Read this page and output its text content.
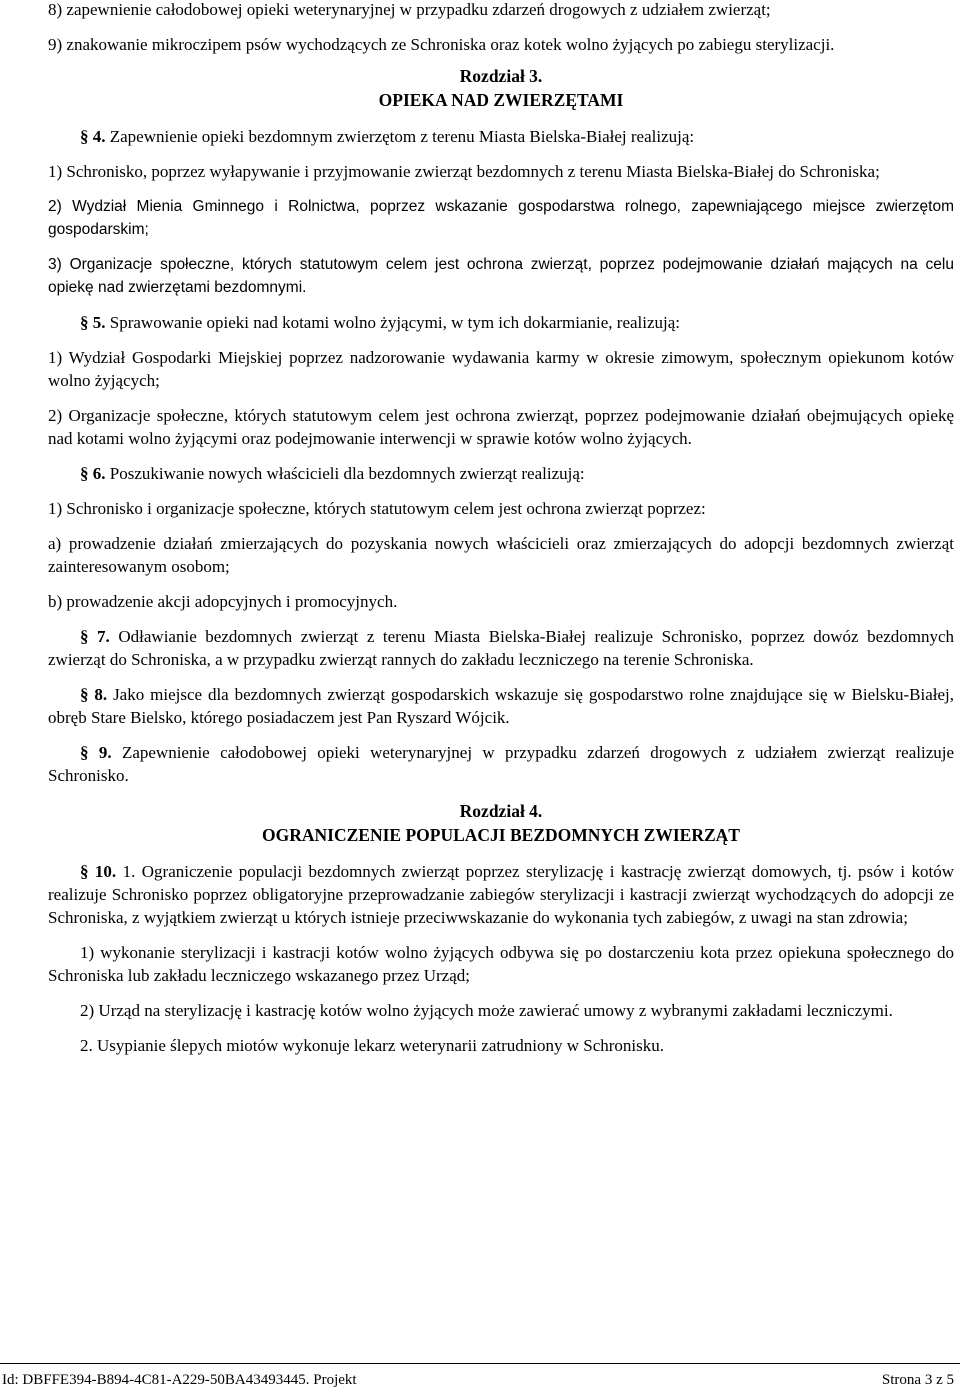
8) zapewnienie całodobowej opieki weterynaryjnej w przypadku zdarzeń drogowych z udziałem zwierząt;

9) znakowanie mikroczipem psów wychodzących ze Schroniska oraz kotek wolno żyjących po zabiegu sterylizacji.

Rozdział 3.

OPIEKA NAD ZWIERZĘTAMI

§ 4. Zapewnienie opieki bezdomnym zwierzętom z terenu Miasta Bielska-Białej realizują:

1) Schronisko, poprzez wyłapywanie i przyjmowanie zwierząt bezdomnych z terenu Miasta Bielska-Białej do Schroniska;

2) Wydział Mienia Gminnego i Rolnictwa, poprzez wskazanie gospodarstwa rolnego, zapewniającego miejsce zwierzętom gospodarskim;

3) Organizacje społeczne, których statutowym celem jest ochrona zwierząt, poprzez podejmowanie działań mających na celu opiekę nad zwierzętami bezdomnymi.

§ 5. Sprawowanie opieki nad kotami wolno żyjącymi, w tym ich dokarmianie, realizują:

1) Wydział Gospodarki Miejskiej poprzez nadzorowanie wydawania karmy w okresie zimowym, społecznym opiekunom kotów wolno żyjących;

2) Organizacje społeczne, których statutowym celem jest ochrona zwierząt, poprzez podejmowanie działań obejmujących opiekę nad kotami wolno żyjącymi oraz podejmowanie interwencji w sprawie kotów wolno żyjących.

§ 6. Poszukiwanie nowych właścicieli dla bezdomnych zwierząt realizują:

1) Schronisko i organizacje społeczne, których statutowym celem jest ochrona zwierząt poprzez:

a) prowadzenie działań zmierzających do pozyskania nowych właścicieli oraz zmierzających do adopcji bezdomnych zwierząt zainteresowanym osobom;

b) prowadzenie akcji adopcyjnych i promocyjnych.

§ 7. Odławianie bezdomnych zwierząt z terenu Miasta Bielska-Białej realizuje Schronisko, poprzez dowóz bezdomnych zwierząt do Schroniska, a w przypadku zwierząt rannych do zakładu leczniczego na terenie Schroniska.

§ 8. Jako miejsce dla bezdomnych zwierząt gospodarskich wskazuje się gospodarstwo rolne znajdujące się w Bielsku-Białej, obręb Stare Bielsko, którego posiadaczem jest Pan Ryszard Wójcik.

§ 9. Zapewnienie całodobowej opieki weterynaryjnej w przypadku zdarzeń drogowych z udziałem zwierząt realizuje Schronisko.

Rozdział 4.

OGRANICZENIE POPULACJI BEZDOMNYCH ZWIERZĄT

§ 10. 1. Ograniczenie populacji bezdomnych zwierząt poprzez sterylizację i kastrację zwierząt domowych, tj. psów i kotów realizuje Schronisko poprzez obligatoryjne przeprowadzanie zabiegów sterylizacji i kastracji zwierząt wychodzących do adopcji ze Schroniska, z wyjątkiem zwierząt u których istnieje przeciwwskazanie do wykonania tych zabiegów, z uwagi na stan zdrowia;

1) wykonanie sterylizacji i kastracji kotów wolno żyjących odbywa się po dostarczeniu kota przez opiekuna społecznego do Schroniska lub zakładu leczniczego wskazanego przez Urząd;

2) Urząd na sterylizację i kastrację kotów wolno żyjących może zawierać umowy z wybranymi zakładami leczniczymi.

2. Usypianie ślepych miotów wykonuje lekarz weterynarii zatrudniony w Schronisku.

Id: DBFFE394-B894-4C81-A229-50BA43493445. Projekt	Strona 3 z 5
